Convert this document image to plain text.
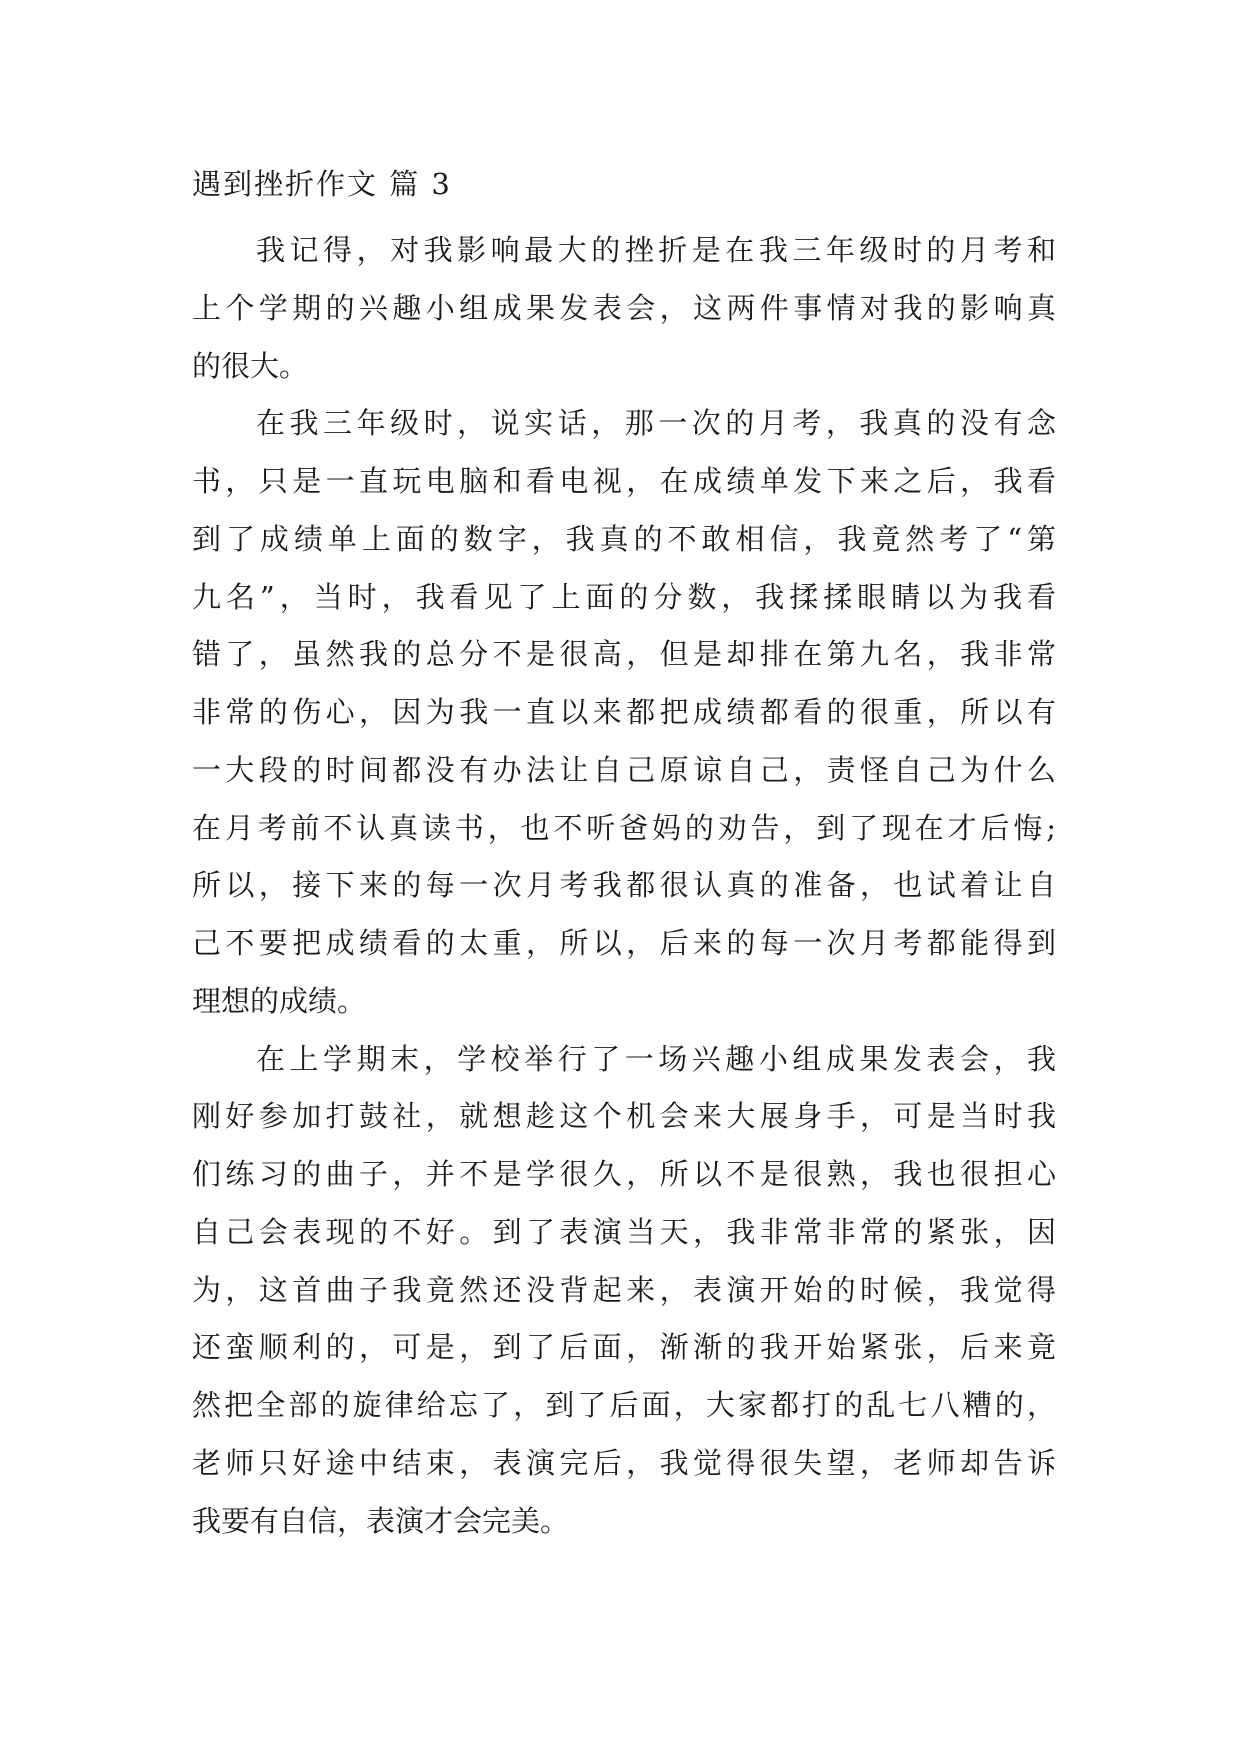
遇到挫折作文 篇 3
我记得，对我影响最大的挫折是在我三年级时的月考和
上个学期的兴趣小组成果发表会，这两件事情对我的影响真
的很大。
在我三年级时，说实话，那一次的月考，我真的没有念
书，只是一直玩电脑和看电视，在成绩单发下来之后，我看
到了成绩单上面的数字，我真的不敢相信，我竟然考了“第
九名”，当时，我看见了上面的分数，我揉揉眼睛以为我看
错了，虽然我的总分不是很高，但是却排在第九名，我非常
非常的伤心，因为我一直以来都把成绩都看的很重，所以有
一大段的时间都没有办法让自己原谅自己，责怪自己为什么
在月考前不认真读书，也不听爸妈的劝告，到了现在才后悔;
所以，接下来的每一次月考我都很认真的准备，也试着让自
己不要把成绩看的太重，所以，后来的每一次月考都能得到
理想的成绩。
在上学期末，学校举行了一场兴趣小组成果发表会，我
刚好参加打鼓社，就想趁这个机会来大展身手，可是当时我
们练习的曲子，并不是学很久，所以不是很熟，我也很担心
自己会表现的不好。到了表演当天，我非常非常的紧张，因
为，这首曲子我竟然还没背起来，表演开始的时候，我觉得
还蛮顺利的，可是，到了后面，渐渐的我开始紧张，后来竟
然把全部的旋律给忘了，到了后面，大家都打的乱七八糟的，
老师只好途中结束，表演完后，我觉得很失望，老师却告诉
我要有自信，表演才会完美。
